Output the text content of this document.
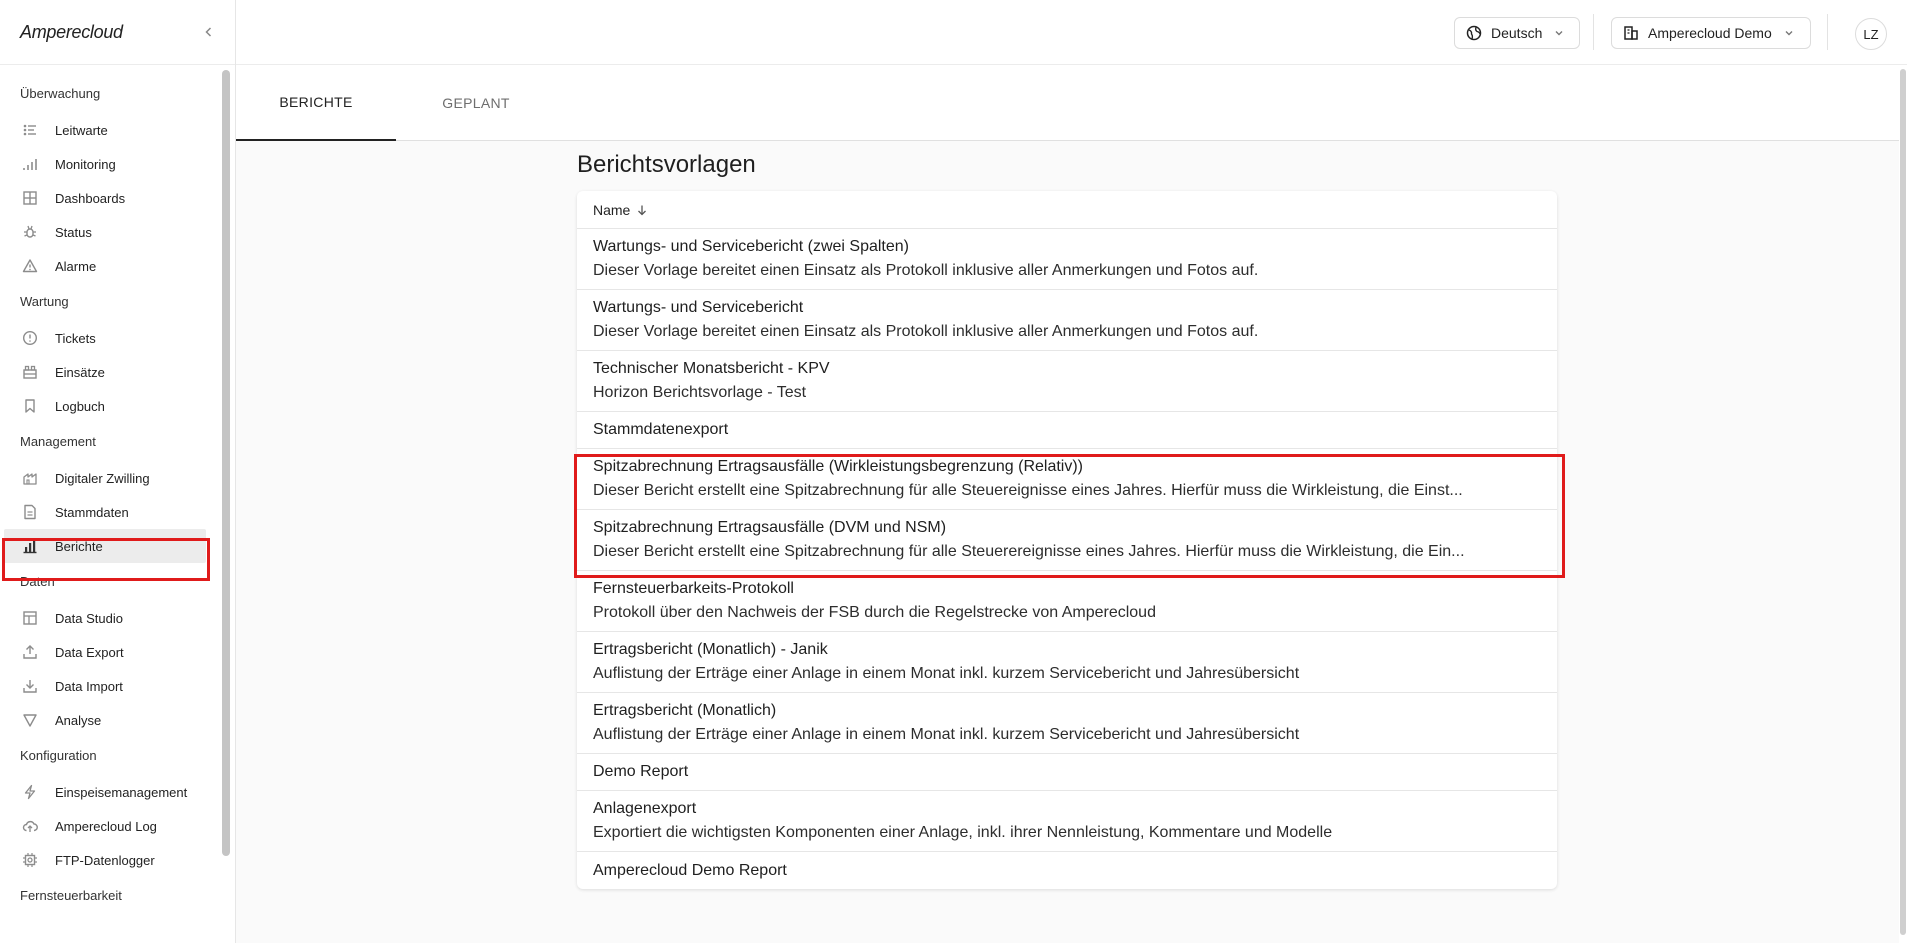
Amperecloud
Überwachung
Leitwarte
Monitoring
Dashboards
Status
Alarme
Wartung
Tickets
Einsätze
Logbuch
Management
Digitaler Zwilling
Stammdaten
Berichte
Daten
Data Studio
Data Export
Data Import
Analyse
Konfiguration
Einspeisemanagement
Amperecloud Log
FTP-Datenlogger
Fernsteuerbarkeit
Deutsch	Amperecloud Demo	LZ
BERICHTE	GEPLANT
Berichtsvorlagen
Name
Wartungs- und Servicebericht (zwei Spalten)
Dieser Vorlage bereitet einen Einsatz als Protokoll inklusive aller Anmerkungen und Fotos auf.
Wartungs- und Servicebericht
Dieser Vorlage bereitet einen Einsatz als Protokoll inklusive aller Anmerkungen und Fotos auf.
Technischer Monatsbericht - KPV
Horizon Berichtsvorlage - Test
Stammdatenexport
Spitzabrechnung Ertragsausfälle (Wirkleistungsbegrenzung (Relativ))
Dieser Bericht erstellt eine Spitzabrechnung für alle Steuereignisse eines Jahres. Hierfür muss die Wirkleistung, die Einst...
Spitzabrechnung Ertragsausfälle (DVM und NSM)
Dieser Bericht erstellt eine Spitzabrechnung für alle Steuerereignisse eines Jahres. Hierfür muss die Wirkleistung, die Ein...
Fernsteuerbarkeits-Protokoll
Protokoll über den Nachweis der FSB durch die Regelstrecke von Amperecloud
Ertragsbericht (Monatlich) - Janik
Auflistung der Erträge einer Anlage in einem Monat inkl. kurzem Servicebericht und Jahresübersicht
Ertragsbericht (Monatlich)
Auflistung der Erträge einer Anlage in einem Monat inkl. kurzem Servicebericht und Jahresübersicht
Demo Report
Anlagenexport
Exportiert die wichtigsten Komponenten einer Anlage, inkl. ihrer Nennleistung, Kommentare und Modelle
Amperecloud Demo Report
